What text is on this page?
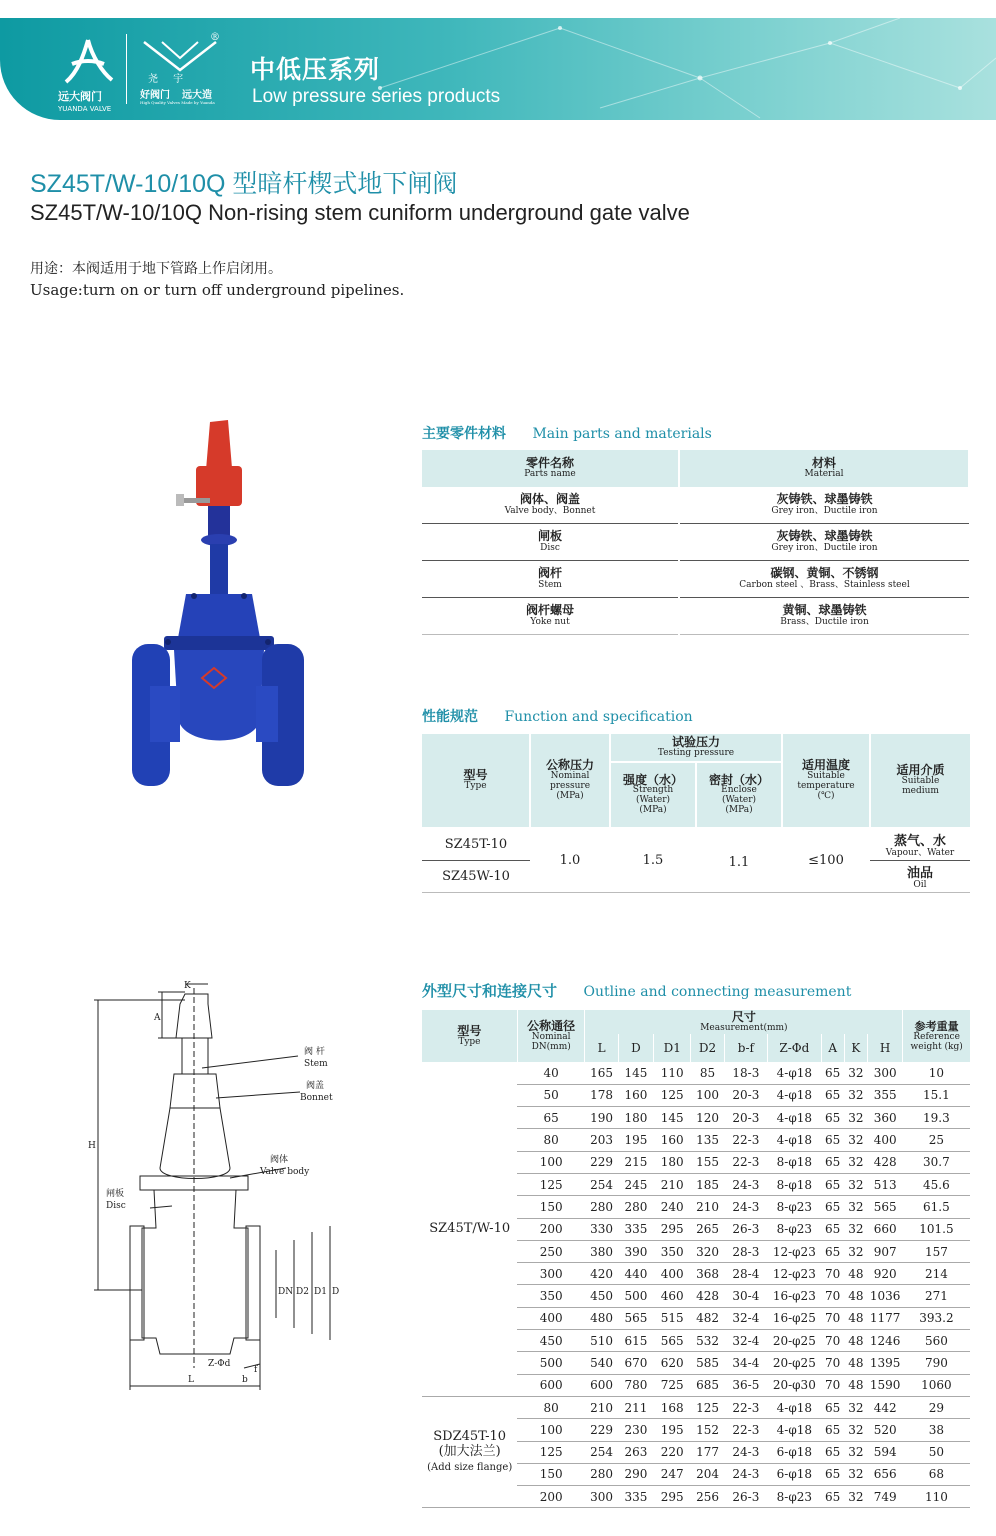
远大阀门
YUANDA VALVE
®
尧 宇
好阀门 远大造
High Quality Valves Made by Yuanda
中低压系列
Low pressure series products
SZ45T/W-10/10Q 型暗杆楔式地下闸阀
SZ45T/W-10/10Q Non-rising stem cuniform underground gate valve
用途：本阀适用于地下管路上作启闭用。
Usage:turn on or turn off underground pipelines.
主要零件材料 Main parts and materials
零件名称
Parts name	材料
Material

阀体、阀盖
Valve body、Bonnet	灰铸铁、球墨铸铁
Grey iron、Ductile iron

闸板
Disc	灰铸铁、球墨铸铁
Grey iron、Ductile iron

阀杆
Stem	碳钢、黄铜、不锈钢
Carbon steel 、Brass、Stainless steel

阀杆螺母
Yoke nut	黄铜、球墨铸铁
Brass、Ductile iron
性能规范 Function and specification
型号
Type	公称压力
Nominal
pressure
(MPa)	试验压力
Testing pressure		适用温度
Suitable
temperature
(℃)	适用介质
Suitable
medium

		强度（水）
Strength
(Water)
(MPa)	密封（水）
Enclose
(Water)
(MPa)		

SZ45T-10	1.0	1.5	1.1	≤100	蒸气、水
Vapour、Water

SZ45W-10					油品
Oil

阀 杆
Stem
阀盖
Bonnet
阀体
Valve body
闸板
Disc
K
A
H
L
DN D2 D1 D
Z-Φd
f
b
外型尺寸和连接尺寸 Outline and connecting measurement
型号
Type	公称通径
Nominal
DN(mm)	尺寸
Measurement(mm)									参考重量
Reference
weight (kg)

		L	D	D1	D2	b-f	Z-Φd	A	K	H	
SZ45T/W-10	40	165	145	110	85	18-3	4-φ18	65	32	300	10
	50	178	160	125	100	20-3	4-φ18	65	32	355	15.1
	65	190	180	145	120	20-3	4-φ18	65	32	360	19.3
	80	203	195	160	135	22-3	4-φ18	65	32	400	25
	100	229	215	180	155	22-3	8-φ18	65	32	428	30.7
	125	254	245	210	185	24-3	8-φ18	65	32	513	45.6
	150	280	280	240	210	24-3	8-φ23	65	32	565	61.5
	200	330	335	295	265	26-3	8-φ23	65	32	660	101.5
	250	380	390	350	320	28-3	12-φ23	65	32	907	157
	300	420	440	400	368	28-4	12-φ23	70	48	920	214
	350	450	500	460	428	30-4	16-φ23	70	48	1036	271
	400	480	565	515	482	32-4	16-φ25	70	48	1177	393.2
	450	510	615	565	532	32-4	20-φ25	70	48	1246	560
	500	540	670	620	585	34-4	20-φ25	70	48	1395	790
	600	600	780	725	685	36-5	20-φ30	70	48	1590	1060
SDZ45T-10
(加大法兰)
(Add size flange)	80	210	211	168	125	22-3	4-φ18	65	32	442	29
	100	229	230	195	152	22-3	4-φ18	65	32	520	38
	125	254	263	220	177	24-3	6-φ18	65	32	594	50
	150	280	290	247	204	24-3	6-φ18	65	32	656	68
	200	300	335	295	256	26-3	8-φ23	65	32	749	110
